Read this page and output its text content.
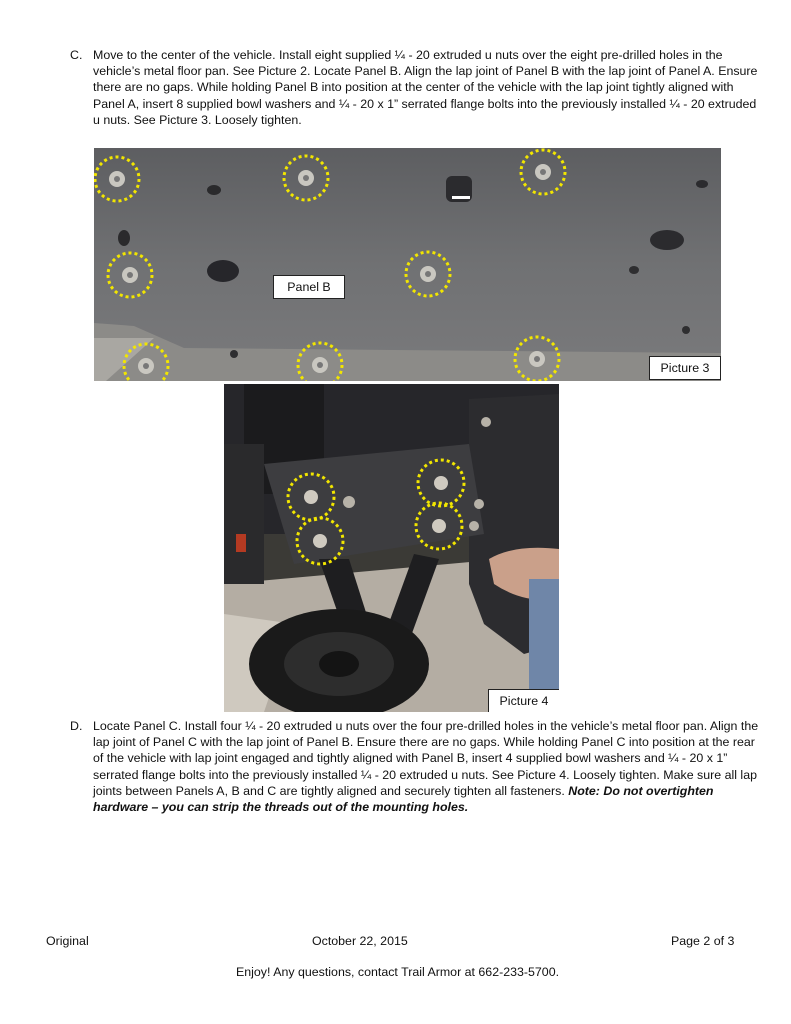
C. Move to the center of the vehicle. Install eight supplied ¼ - 20 extruded u nuts over the eight pre-drilled holes in the vehicle’s metal floor pan. See Picture 2. Locate Panel B. Align the lap joint of Panel B with the lap joint of Panel A. Ensure there are no gaps. While holding Panel B into position at the center of the vehicle with the lap joint tightly aligned with Panel A, insert 8 supplied bowl washers and ¼ - 20 x 1” serrated flange bolts into the previously installed ¼ - 20 extruded u nuts. See Picture 3. Loosely tighten.
Panel B
Picture 3
Picture 4
D. Locate Panel C. Install four ¼ - 20 extruded u nuts over the four pre-drilled holes in the vehicle’s metal floor pan. Align the lap joint of Panel C with the lap joint of Panel B. Ensure there are no gaps. While holding Panel C into position at the rear of the vehicle with lap joint engaged and tightly aligned with Panel B, insert 4 supplied bowl washers and ¼ - 20 x 1” serrated flange bolts into the previously installed ¼ - 20 extruded u nuts. See Picture 4. Loosely tighten. Make sure all lap joints between Panels A, B and C are tightly aligned and securely tighten all fasteners. Note: Do not overtighten hardware – you can strip the threads out of the mounting holes.
Original	October 22, 2015	Page 2 of 3
Enjoy! Any questions, contact Trail Armor at 662-233-5700.
